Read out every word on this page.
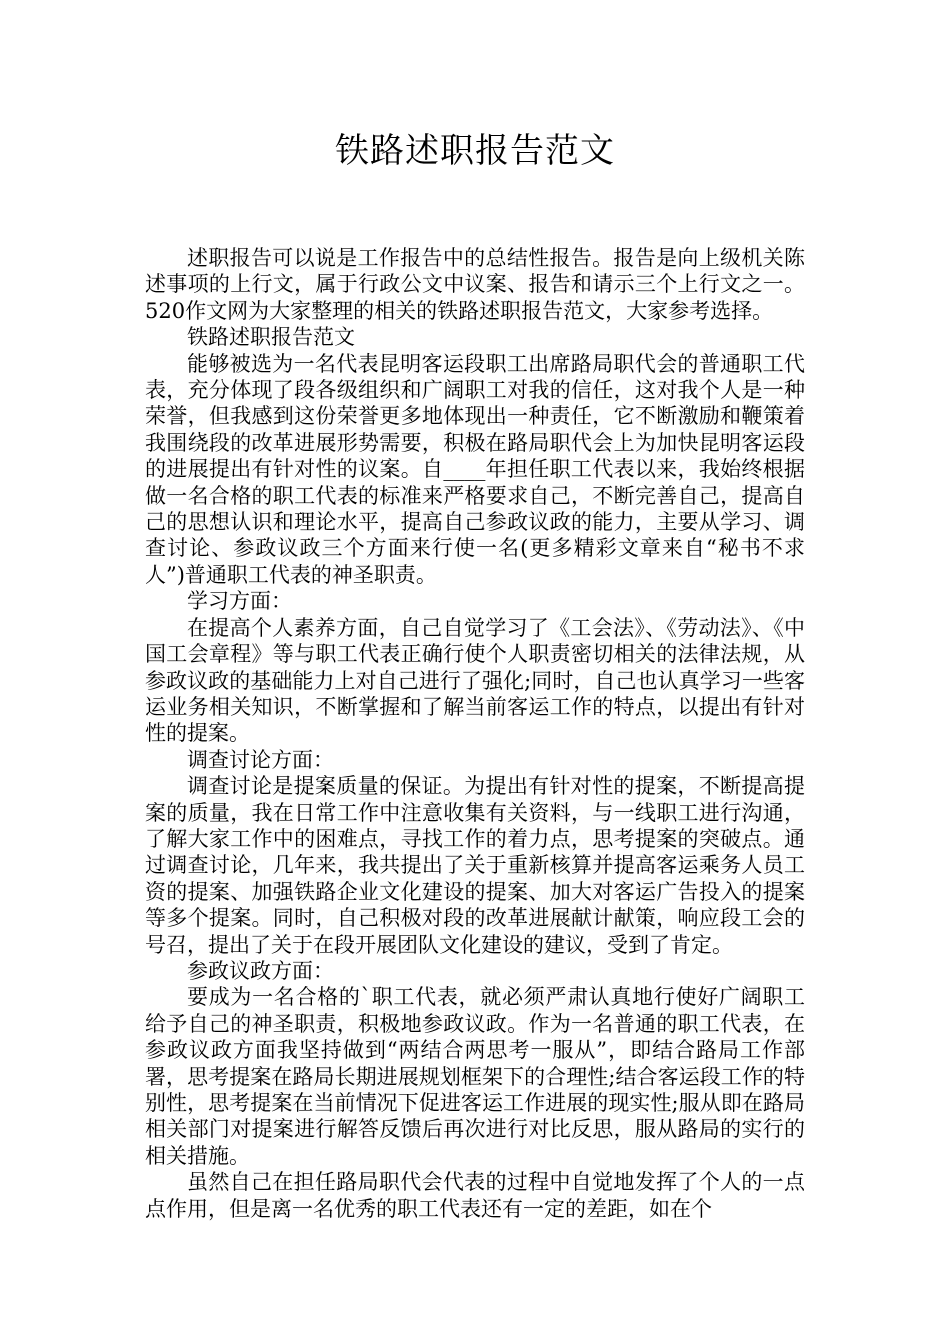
铁路述职报告范文

述职报告可以说是工作报告中的总结性报告。报告是向上级机关陈述事项的上行文，属于行政公文中议案、报告和请示三个上行文之一。520作文网为大家整理的相关的铁路述职报告范文，大家参考选择。

铁路述职报告范文

能够被选为一名代表昆明客运段职工出席路局职代会的普通职工代表，充分体现了段各级组织和广阔职工对我的信任，这对我个人是一种荣誉，但我感到这份荣誉更多地体现出一种责任，它不断激励和鞭策着我围绕段的改革进展形势需要，积极在路局职代会上为加快昆明客运段的进展提出有针对性的议案。自____年担任职工代表以来，我始终根据做一名合格的职工代表的标准来严格要求自己，不断完善自己，提高自己的思想认识和理论水平，提高自己参政议政的能力，主要从学习、调查讨论、参政议政三个方面来行使一名(更多精彩文章来自“秘书不求人”)普通职工代表的神圣职责。

学习方面：

在提高个人素养方面，自己自觉学习了《工会法》、《劳动法》、《中国工会章程》等与职工代表正确行使个人职责密切相关的法律法规，从参政议政的基础能力上对自己进行了强化;同时，自己也认真学习一些客运业务相关知识，不断掌握和了解当前客运工作的特点，以提出有针对性的提案。

调查讨论方面：

调查讨论是提案质量的保证。为提出有针对性的提案，不断提高提案的质量，我在日常工作中注意收集有关资料，与一线职工进行沟通，了解大家工作中的困难点，寻找工作的着力点，思考提案的突破点。通过调查讨论，几年来，我共提出了关于重新核算并提高客运乘务人员工资的提案、加强铁路企业文化建设的提案、加大对客运广告投入的提案等多个提案。同时，自己积极对段的改革进展献计献策，响应段工会的号召，提出了关于在段开展团队文化建设的建议，受到了肯定。

参政议政方面：

要成为一名合格的`职工代表，就必须严肃认真地行使好广阔职工给予自己的神圣职责，积极地参政议政。作为一名普通的职工代表，在参政议政方面我坚持做到“两结合两思考一服从”，即结合路局工作部署，思考提案在路局长期进展规划框架下的合理性;结合客运段工作的特别性，思考提案在当前情况下促进客运工作进展的现实性;服从即在路局相关部门对提案进行解答反馈后再次进行对比反思，服从路局的实行的相关措施。

虽然自己在担任路局职代会代表的过程中自觉地发挥了个人的一点点作用，但是离一名优秀的职工代表还有一定的差距，如在个
